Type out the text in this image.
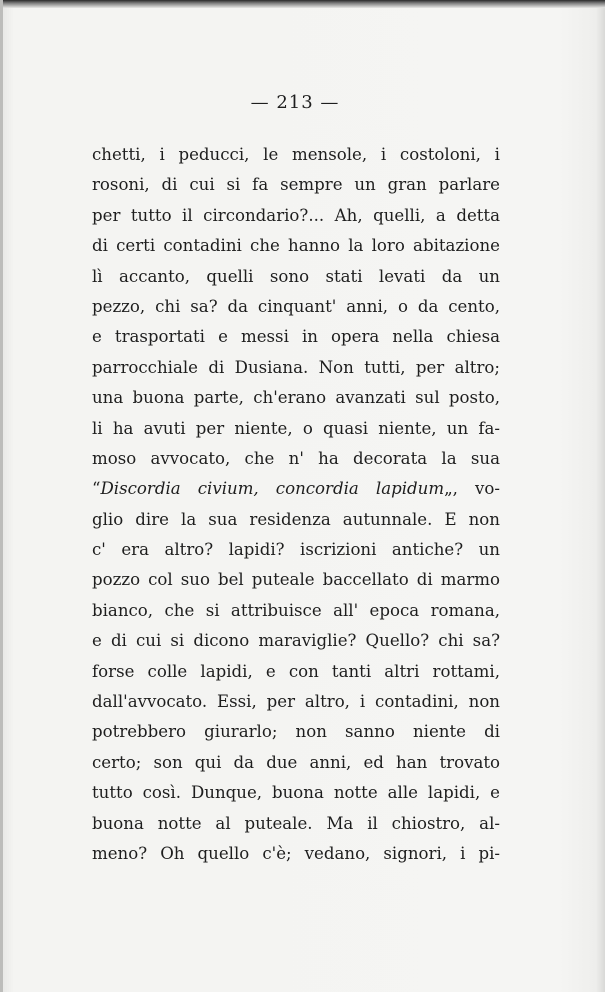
— 213 —
chetti, i peducci, le mensole, i costoloni, i
rosoni, di cui si fa sempre un gran parlare
per tutto il circondario?... Ah, quelli, a detta
di certi contadini che hanno la loro abitazione
lì accanto, quelli sono stati levati da un
pezzo, chi sa? da cinquant' anni, o da cento,
e trasportati e messi in opera nella chiesa
parrocchiale di Dusiana. Non tutti, per altro;
una buona parte, ch'erano avanzati sul posto,
li ha avuti per niente, o quasi niente, un fa-
moso avvocato, che n' ha decorata la sua
“Discordia civium, concordia lapidum„, vo-
glio dire la sua residenza autunnale. E non
c' era altro? lapidi? iscrizioni antiche? un
pozzo col suo bel puteale baccellato di marmo
bianco, che si attribuisce all' epoca romana,
e di cui si dicono maraviglie? Quello? chi sa?
forse colle lapidi, e con tanti altri rottami,
dall'avvocato. Essi, per altro, i contadini, non
potrebbero giurarlo; non sanno niente di
certo; son qui da due anni, ed han trovato
tutto così. Dunque, buona notte alle lapidi, e
buona notte al puteale. Ma il chiostro, al-
meno? Oh quello c'è; vedano, signori, i pi-
